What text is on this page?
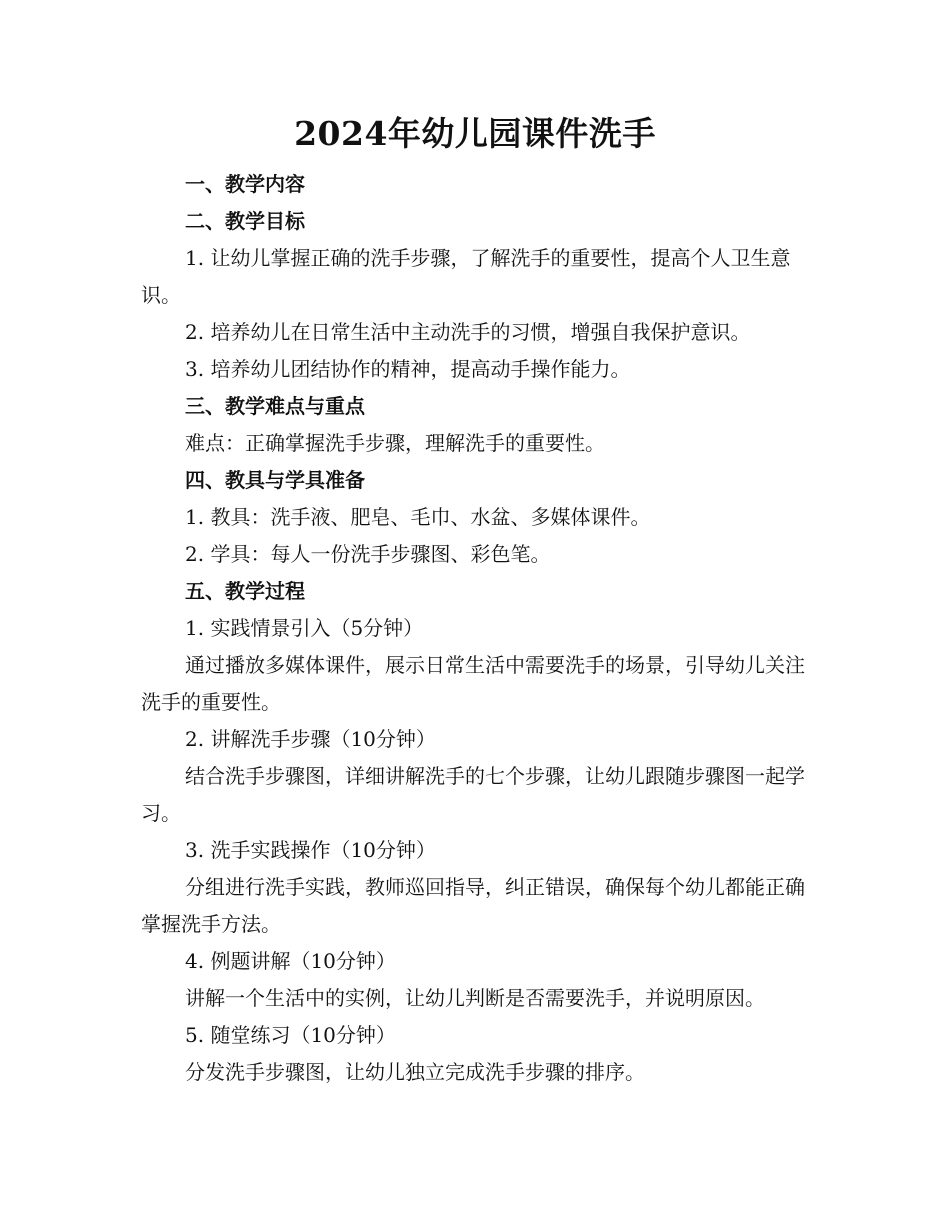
2024年幼儿园课件洗手

一、教学内容

二、教学目标

1. 让幼儿掌握正确的洗手步骤，了解洗手的重要性，提高个人卫生意识。

2. 培养幼儿在日常生活中主动洗手的习惯，增强自我保护意识。

3. 培养幼儿团结协作的精神，提高动手操作能力。

三、教学难点与重点

难点：正确掌握洗手步骤，理解洗手的重要性。

四、教具与学具准备

1. 教具：洗手液、肥皂、毛巾、水盆、多媒体课件。

2. 学具：每人一份洗手步骤图、彩色笔。

五、教学过程

1. 实践情景引入（5分钟）

通过播放多媒体课件，展示日常生活中需要洗手的场景，引导幼儿关注洗手的重要性。

2. 讲解洗手步骤（10分钟）

结合洗手步骤图，详细讲解洗手的七个步骤，让幼儿跟随步骤图一起学习。

3. 洗手实践操作（10分钟）

分组进行洗手实践，教师巡回指导，纠正错误，确保每个幼儿都能正确掌握洗手方法。

4. 例题讲解（10分钟）

讲解一个生活中的实例，让幼儿判断是否需要洗手，并说明原因。

5. 随堂练习（10分钟）

分发洗手步骤图，让幼儿独立完成洗手步骤的排序。
